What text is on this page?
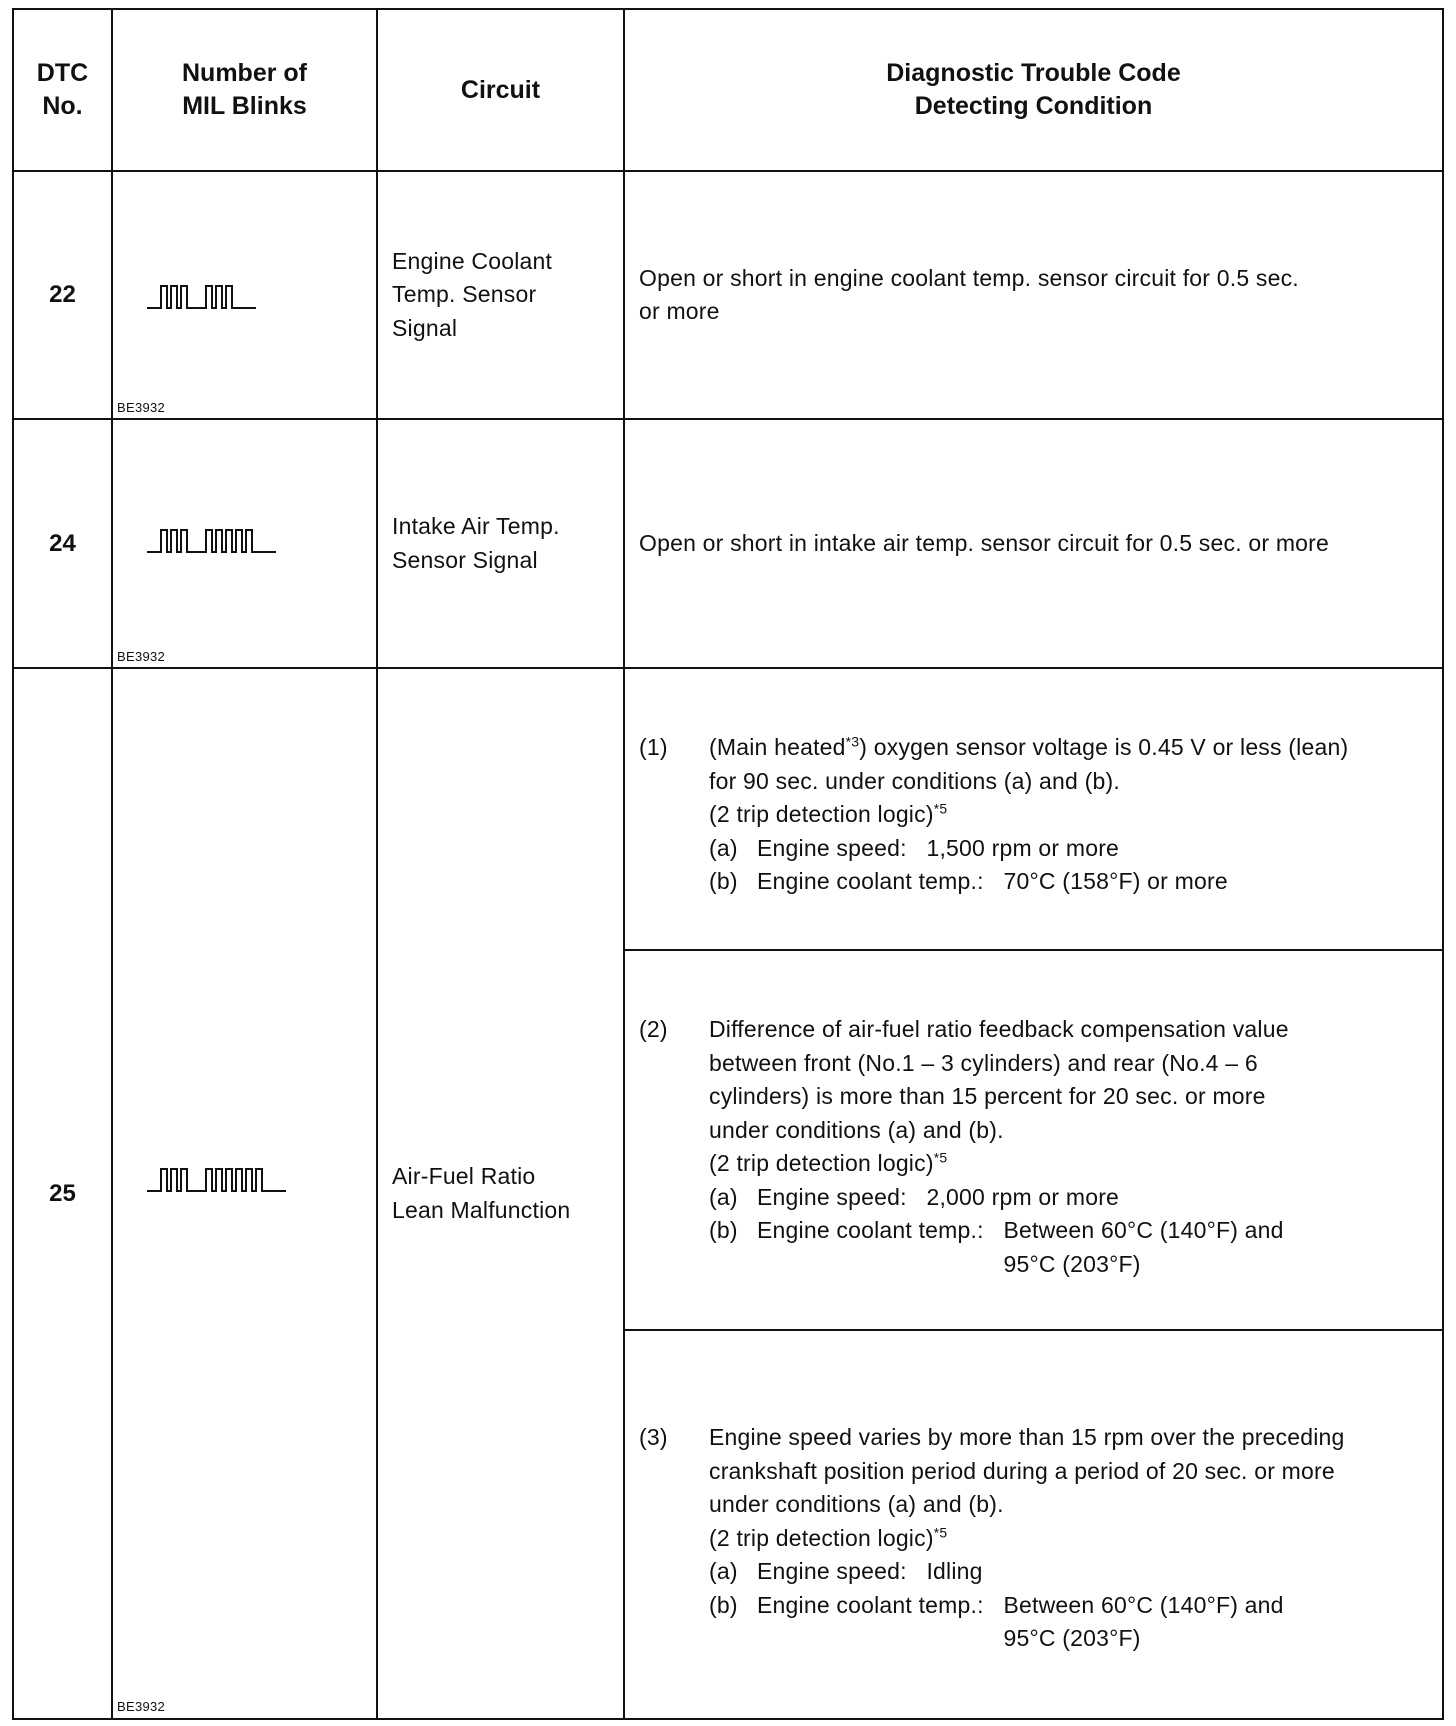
DTC
No.
Number of
MIL Blinks
Circuit
Diagnostic Trouble Code
Detecting Condition
22
BE3932
Engine Coolant
Temp. Sensor
Signal
Open or short in engine coolant temp. sensor circuit for 0.5 sec.
or more
24
BE3932
Intake Air Temp.
Sensor Signal
Open or short in intake air temp. sensor circuit for 0.5 sec. or more
25
BE3932
Air-Fuel Ratio
Lean Malfunction
(1) (Main heated$^{*3}$) oxygen sensor voltage is 0.45 V or less (lean)
for 90 sec. under conditions (a) and (b).
(2 trip detection logic)$^{*5}$
(a) Engine speed:
1,500 rpm or more
(b) Engine coolant temp.:
70°C (158°F) or more
(2) Difference of air-fuel ratio feedback compensation value
between front (No.1 – 3 cylinders) and rear (No.4 – 6
cylinders) is more than 15 percent for 20 sec. or more
under conditions (a) and (b).
(2 trip detection logic)$^{*5}$
(a) Engine speed:
2,000 rpm or more
(b) Engine coolant temp.:
Between 60°C (140°F) and
95°C (203°F)
(3) Engine speed varies by more than 15 rpm over the preceding
crankshaft position period during a period of 20 sec. or more
under conditions (a) and (b).
(2 trip detection logic)$^{*5}$
(a) Engine speed:
Idling
(b) Engine coolant temp.:
Between 60°C (140°F) and
95°C (203°F)
